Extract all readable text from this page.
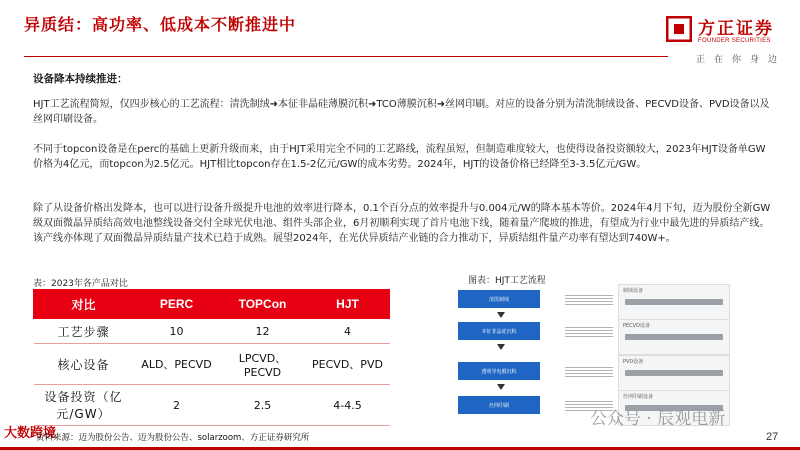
异质结：高功率、低成本不断推进中	方正证券
FOUNDER SECURITIES
正在你身边
设备降本持续推进：

HJT工艺流程简短，仅四步核心的工艺流程：清洗制绒➜本征非晶硅薄膜沉积➜TCO薄膜沉积➜丝网印刷。对应的设备分别为清洗制绒设备、PECVD设备、PVD设备以及丝网印刷设备。

不同于topcon设备是在perc的基础上更新升级而来，由于HJT采用完全不同的工艺路线，流程虽短，但制造难度较大，也使得设备投资额较大，2023年HJT设备单GW价格为4亿元，而topcon为2.5亿元。HJT相比topcon存在1.5-2亿元/GW的成本劣势。2024年，HJT的设备价格已经降至3-3.5亿元/GW。

除了从设备价格出发降本，也可以进行设备升级提升电池的效率进行降本，0.1个百分点的效率提升与0.004元/W的降本基本等价。2024年4月下旬，迈为股份全新GW级双面微晶异质结高效电池整线设备交付全球光伏电池、组件头部企业，6月初顺利实现了首片电池下线，随着量产爬坡的推进，有望成为行业中最先进的异质结产线。该产线亦体现了双面微晶异质结量产技术已趋于成熟。展望2024年，在光伏异质结产业链的合力推动下，异质结组件量产功率有望达到740W+。

表：2023年各产品对比
对比	PERC	TOPCon	HJT
工艺步骤	10	12	4
核心设备	ALD、PECVD	LPCVD、PECVD	PECVD、PVD
设备投资（亿元/GW）	2	2.5	4-4.5
图表：HJT工艺流程
清洗制绒
本征非晶硅沉积
透明导电膜沉积
丝网印刷
制绒设备
PECVD设备
PVD设备
丝网印刷设备
公众号 · 辰观电新
大数跨境
资料来源：迈为股份公告、迈为股份公告、solarzoom、方正证券研究所	27
